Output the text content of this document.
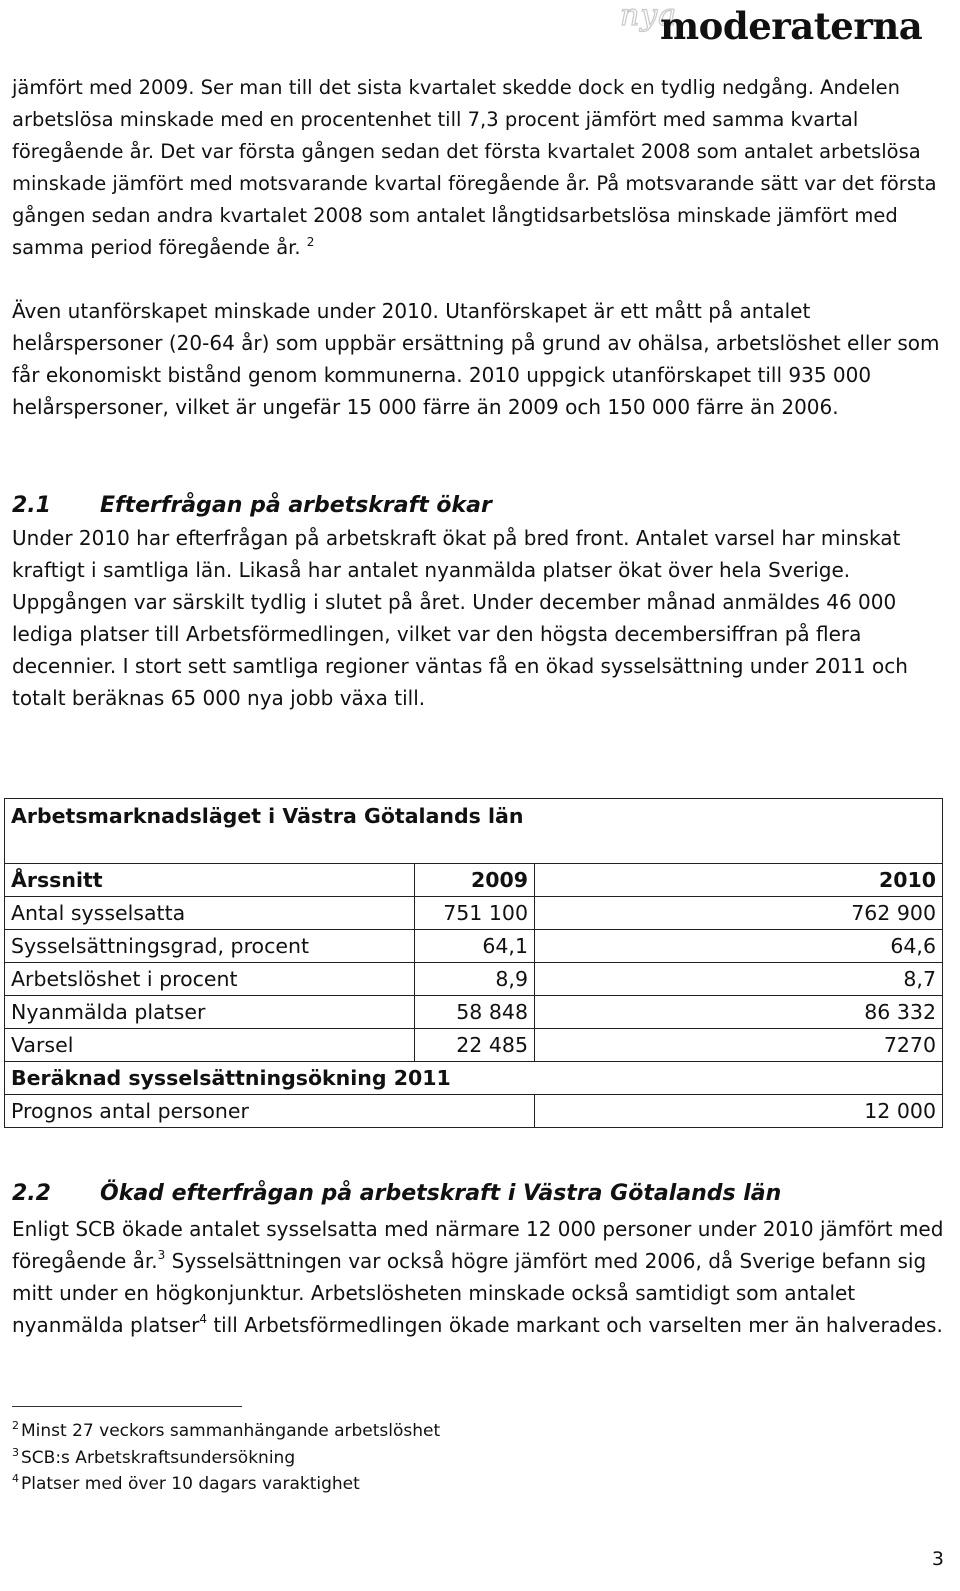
nya
moderaterna

jämfört med 2009. Ser man till det sista kvartalet skedde dock en tydlig nedgång. Andelen arbetslösa minskade med en procentenhet till 7,3 procent jämfört med samma kvartal föregående år. Det var första gången sedan det första kvartalet 2008 som antalet arbetslösa minskade jämfört med motsvarande kvartal föregående år. På motsvarande sätt var det första gången sedan andra kvartalet 2008 som antalet långtidsarbetslösa minskade jämfört med samma period föregående år. $^2$

Även utanförskapet minskade under 2010. Utanförskapet är ett mått på antalet helårspersoner (20-64 år) som uppbär ersättning på grund av ohälsa, arbetslöshet eller som får ekonomiskt bistånd genom kommunerna. 2010 uppgick utanförskapet till 935 000 helårspersoner, vilket är ungefär 15 000 färre än 2009 och 150 000 färre än 2006.

2.1	Efterfrågan på arbetskraft ökar

Under 2010 har efterfrågan på arbetskraft ökat på bred front. Antalet varsel har minskat kraftigt i samtliga län. Likaså har antalet nyanmälda platser ökat över hela Sverige. Uppgången var särskilt tydlig i slutet på året. Under december månad anmäldes 46 000 lediga platser till Arbetsförmedlingen, vilket var den högsta decembersiffran på flera decennier. I stort sett samtliga regioner väntas få en ökad sysselsättning under 2011 och totalt beräknas 65 000 nya jobb växa till.

Arbetsmarknadsläget i Västra Götalands län		
Årssnitt	2009	2010
Antal sysselsatta	751 100	762 900
Sysselsättningsgrad, procent	64,1	64,6
Arbetslöshet i procent	8,9	8,7
Nyanmälda platser	58 848	86 332
Varsel	22 485	7270
Beräknad sysselsättningsökning 2011		
Prognos antal personer		12 000
2.2	Ökad efterfrågan på arbetskraft i Västra Götalands län

Enligt SCB ökade antalet sysselsatta med närmare 12 000 personer under 2010 jämfört med föregående år.$^3$ Sysselsättningen var också högre jämfört med 2006, då Sverige befann sig mitt under en högkonjunktur. Arbetslösheten minskade också samtidigt som antalet nyanmälda platser$^4$ till Arbetsförmedlingen ökade markant och varselten mer än halverades.

$^2$ Minst 27 veckors sammanhängande arbetslöshet
$^3$ SCB:s Arbetskraftsundersökning
$^4$ Platser med över 10 dagars varaktighet
3
